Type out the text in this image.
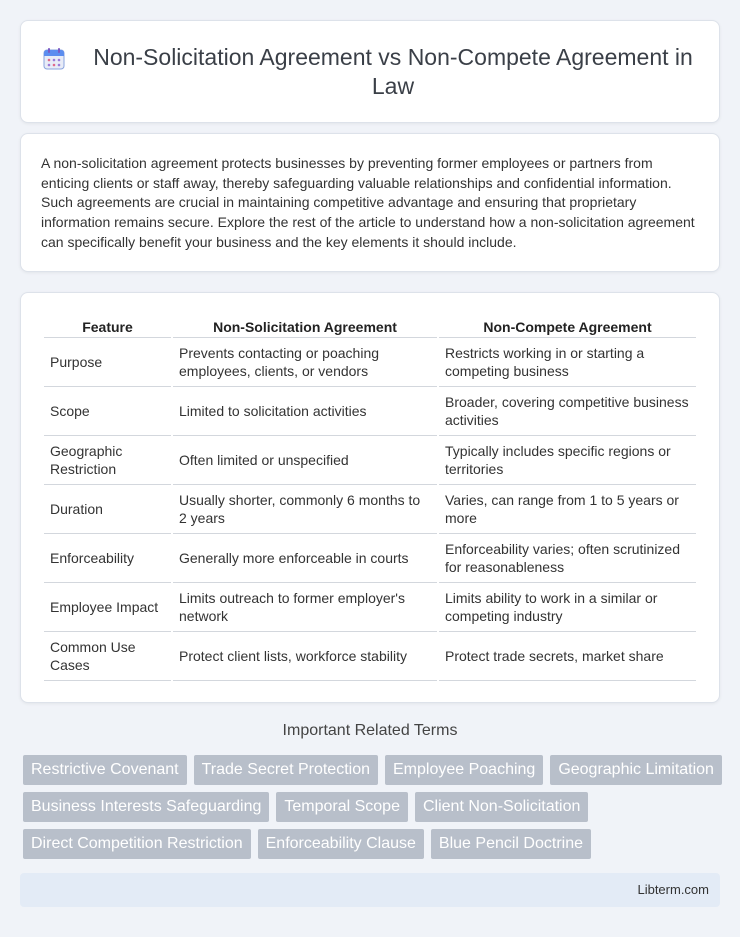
Non-Solicitation Agreement vs Non-Compete Agreement in Law

A non-solicitation agreement protects businesses by preventing former employees or partners from enticing clients or staff away, thereby safeguarding valuable relationships and confidential information. Such agreements are crucial in maintaining competitive advantage and ensuring that proprietary information remains secure. Explore the rest of the article to understand how a non-solicitation agreement can specifically benefit your business and the key elements it should include.

Feature	Non-Solicitation Agreement	Non-Compete Agreement
Purpose	Prevents contacting or poaching employees, clients, or vendors	Restricts working in or starting a competing business
Scope	Limited to solicitation activities	Broader, covering competitive business activities
Geographic Restriction	Often limited or unspecified	Typically includes specific regions or territories
Duration	Usually shorter, commonly 6 months to 2 years	Varies, can range from 1 to 5 years or more
Enforceability	Generally more enforceable in courts	Enforceability varies; often scrutinized for reasonableness
Employee Impact	Limits outreach to former employer's network	Limits ability to work in a similar or competing industry
Common Use Cases	Protect client lists, workforce stability	Protect trade secrets, market share
Important Related Terms
Restrictive Covenant	Trade Secret Protection	Employee Poaching	Geographic Limitation
Business Interests Safeguarding	Temporal Scope	Client Non-Solicitation
Direct Competition Restriction	Enforceability Clause	Blue Pencil Doctrine
Libterm.com
